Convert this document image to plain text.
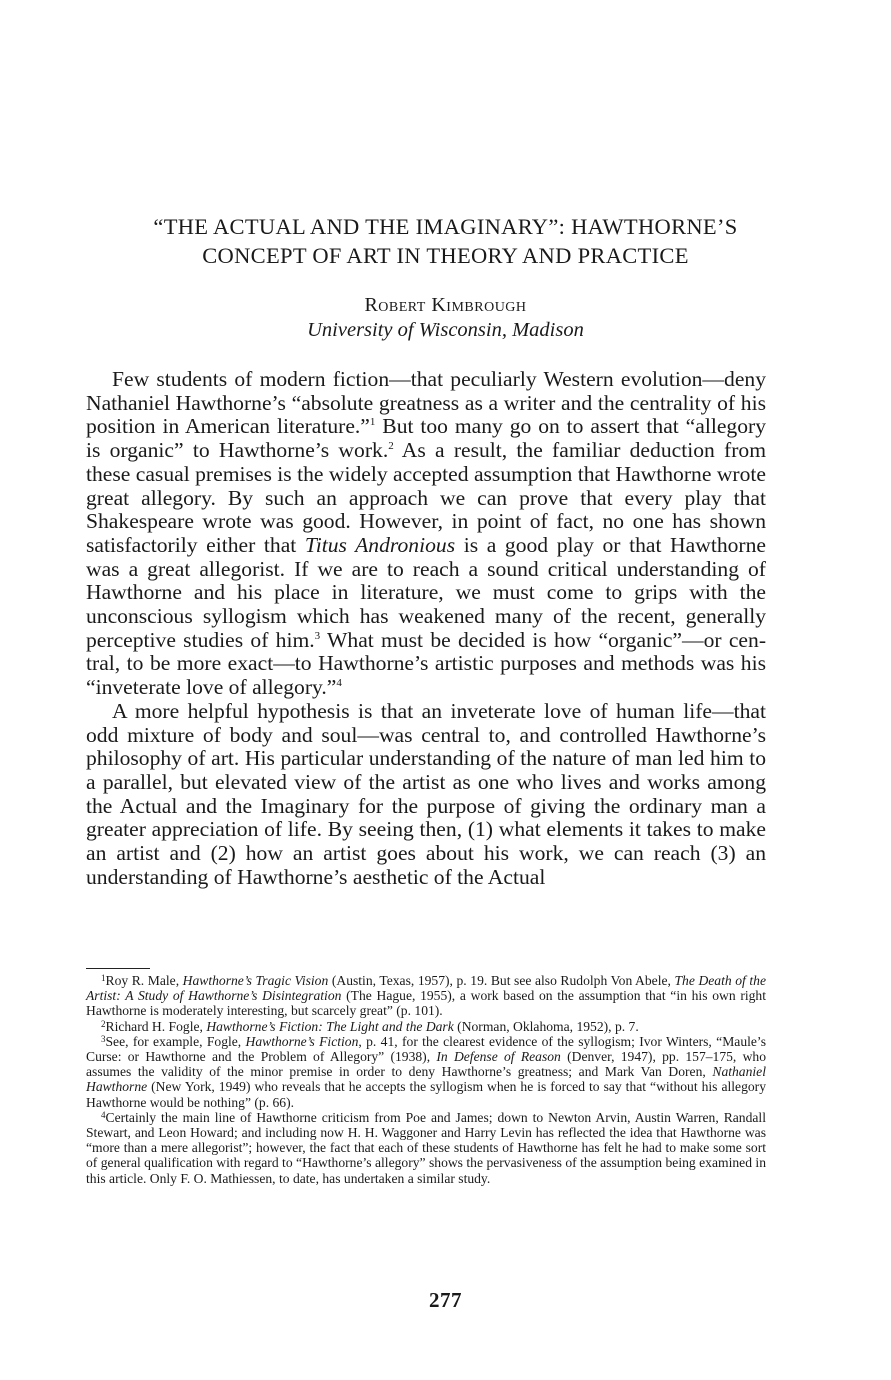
“THE ACTUAL AND THE IMAGINARY”: HAWTHORNE’S
CONCEPT OF ART IN THEORY AND PRACTICE
Robert Kimbrough
University of Wisconsin, Madison

Few students of modern fiction—that peculiarly Western evolution—deny Nathaniel Hawthorne’s “absolute greatness as a writer and the centrality of his position in American literature.”$^1$ But too many go on to assert that “allegory is organic” to Hawthorne’s work.$^2$ As a result, the familiar deduction from these casual premises is the widely accepted assumption that Hawthorne wrote great allegory. By such an approach we can prove that every play that Shakespeare wrote was good. However, in point of fact, no one has shown satisfactorily either that Titus Andronious is a good play or that Hawthorne was a great allegorist. If we are to reach a sound critical understanding of Hawthorne and his place in literature, we must come to grips with the unconscious syllogism which has weakened many of the recent, generally perceptive studies of him.$^3$ What must be decided is how “organic”—or central, to be more exact—to Hawthorne’s artistic purposes and methods was his “inveterate love of allegory.”$^4$

A more helpful hypothesis is that an inveterate love of human life—that odd mixture of body and soul—was central to, and controlled Hawthorne’s philosophy of art. His particular understanding of the nature of man led him to a parallel, but elevated view of the artist as one who lives and works among the Actual and the Imaginary for the purpose of giving the ordinary man a greater appreciation of life. By seeing then, (1) what elements it takes to make an artist and (2) how an artist goes about his work, we can reach (3) an understanding of Hawthorne’s aesthetic of the Actual

$^1$Roy R. Male, Hawthorne’s Tragic Vision (Austin, Texas, 1957), p. 19. But see also Rudolph Von Abele, The Death of the Artist: A Study of Hawthorne’s Disintegration (The Hague, 1955), a work based on the assumption that “in his own right Hawthorne is moderately interesting, but scarcely great” (p. 101).

$^2$Richard H. Fogle, Hawthorne’s Fiction: The Light and the Dark (Norman, Oklahoma, 1952), p. 7.

$^3$See, for example, Fogle, Hawthorne’s Fiction, p. 41, for the clearest evidence of the syllogism; Ivor Winters, “Maule’s Curse: or Hawthorne and the Problem of Allegory” (1938), In Defense of Reason (Denver, 1947), pp. 157–175, who assumes the validity of the minor premise in order to deny Hawthorne’s greatness; and Mark Van Doren, Nathaniel Hawthorne (New York, 1949) who reveals that he accepts the syllogism when he is forced to say that “without his allegory Hawthorne would be nothing” (p. 66).

$^4$Certainly the main line of Hawthorne criticism from Poe and James; down to Newton Arvin, Austin Warren, Randall Stewart, and Leon Howard; and including now H. H. Waggoner and Harry Levin has reflected the idea that Hawthorne was “more than a mere allegorist”; however, the fact that each of these students of Hawthorne has felt he had to make some sort of general qualification with regard to “Hawthorne’s allegory” shows the pervasiveness of the assumption being examined in this article. Only F. O. Mathiessen, to date, has undertaken a similar study.

277
